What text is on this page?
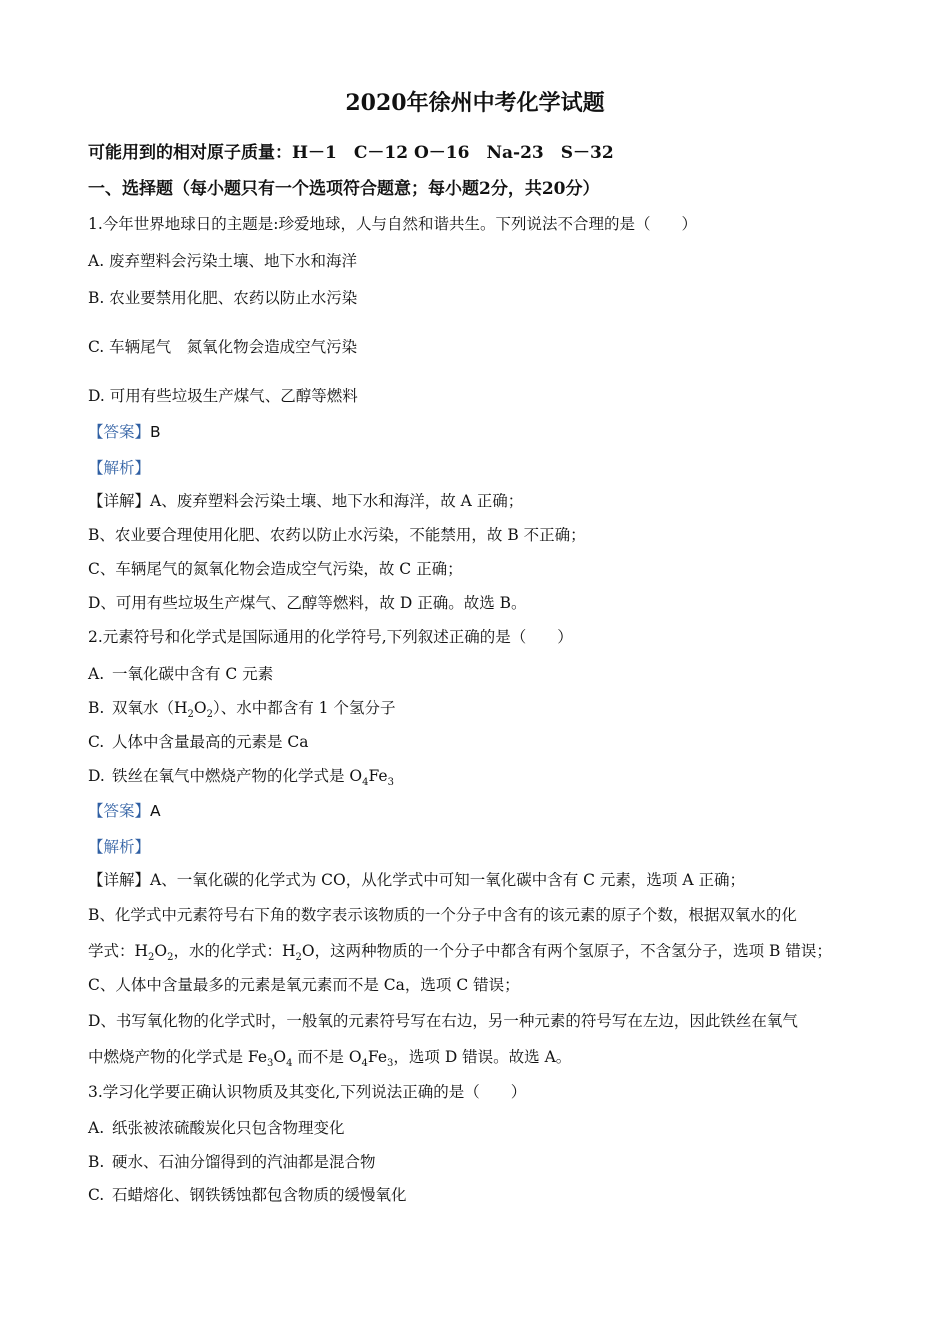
2020年徐州中考化学试题
可能用到的相对原子质量：H－1　C－12 O－16　Na-23　S－32
一、选择题（每小题只有一个选项符合题意；每小题2分，共20分）
1.今年世界地球日的主题是:珍爱地球，人与自然和谐共生。下列说法不合理的是（　　）
A. 废弃塑料会污染土壤、地下水和海洋
B. 农业要禁用化肥、农药以防止水污染
C. 车辆尾气　氮氧化物会造成空气污染
D. 可用有些垃圾生产煤气、乙醇等燃料
【答案】B
【解析】
【详解】A、废弃塑料会污染土壤、地下水和海洋，故 A 正确；
B、农业要合理使用化肥、农药以防止水污染，不能禁用，故 B 不正确；
C、车辆尾气的氮氧化物会造成空气污染，故 C 正确；
D、可用有些垃圾生产煤气、乙醇等燃料，故 D 正确。故选 B。
2.元素符号和化学式是国际通用的化学符号,下列叙述正确的是（　　）
A. 一氧化碳中含有 C 元素
B. 双氧水$(H_2O_2)$、水中都含有 1 个氢分子
C. 人体中含量最高的元素是 Ca
D. 铁丝在氧气中燃烧产物的化学式是 $O_4Fe_3$
【答案】A
【解析】
【详解】A、一氧化碳的化学式为 CO，从化学式中可知一氧化碳中含有 C 元素，选项 A 正确；
B、化学式中元素符号右下角的数字表示该物质的一个分子中含有的该元素的原子个数，根据双氧水的化
学式：$H_2O_2$，水的化学式：$H_2O$，这两种物质的一个分子中都含有两个氢原子，不含氢分子，选项 B 错误；
C、人体中含量最多的元素是氧元素而不是 Ca，选项 C 错误；
D、书写氧化物的化学式时，一般氧的元素符号写在右边，另一种元素的符号写在左边，因此铁丝在氧气
中燃烧产物的化学式是 $Fe_3O_4$ 而不是 $O_4Fe_3$，选项 D 错误。故选 A。
3.学习化学要正确认识物质及其变化,下列说法正确的是（　　）
A. 纸张被浓硫酸炭化只包含物理变化
B. 硬水、石油分馏得到的汽油都是混合物
C. 石蜡熔化、钢铁锈蚀都包含物质的缓慢氧化
